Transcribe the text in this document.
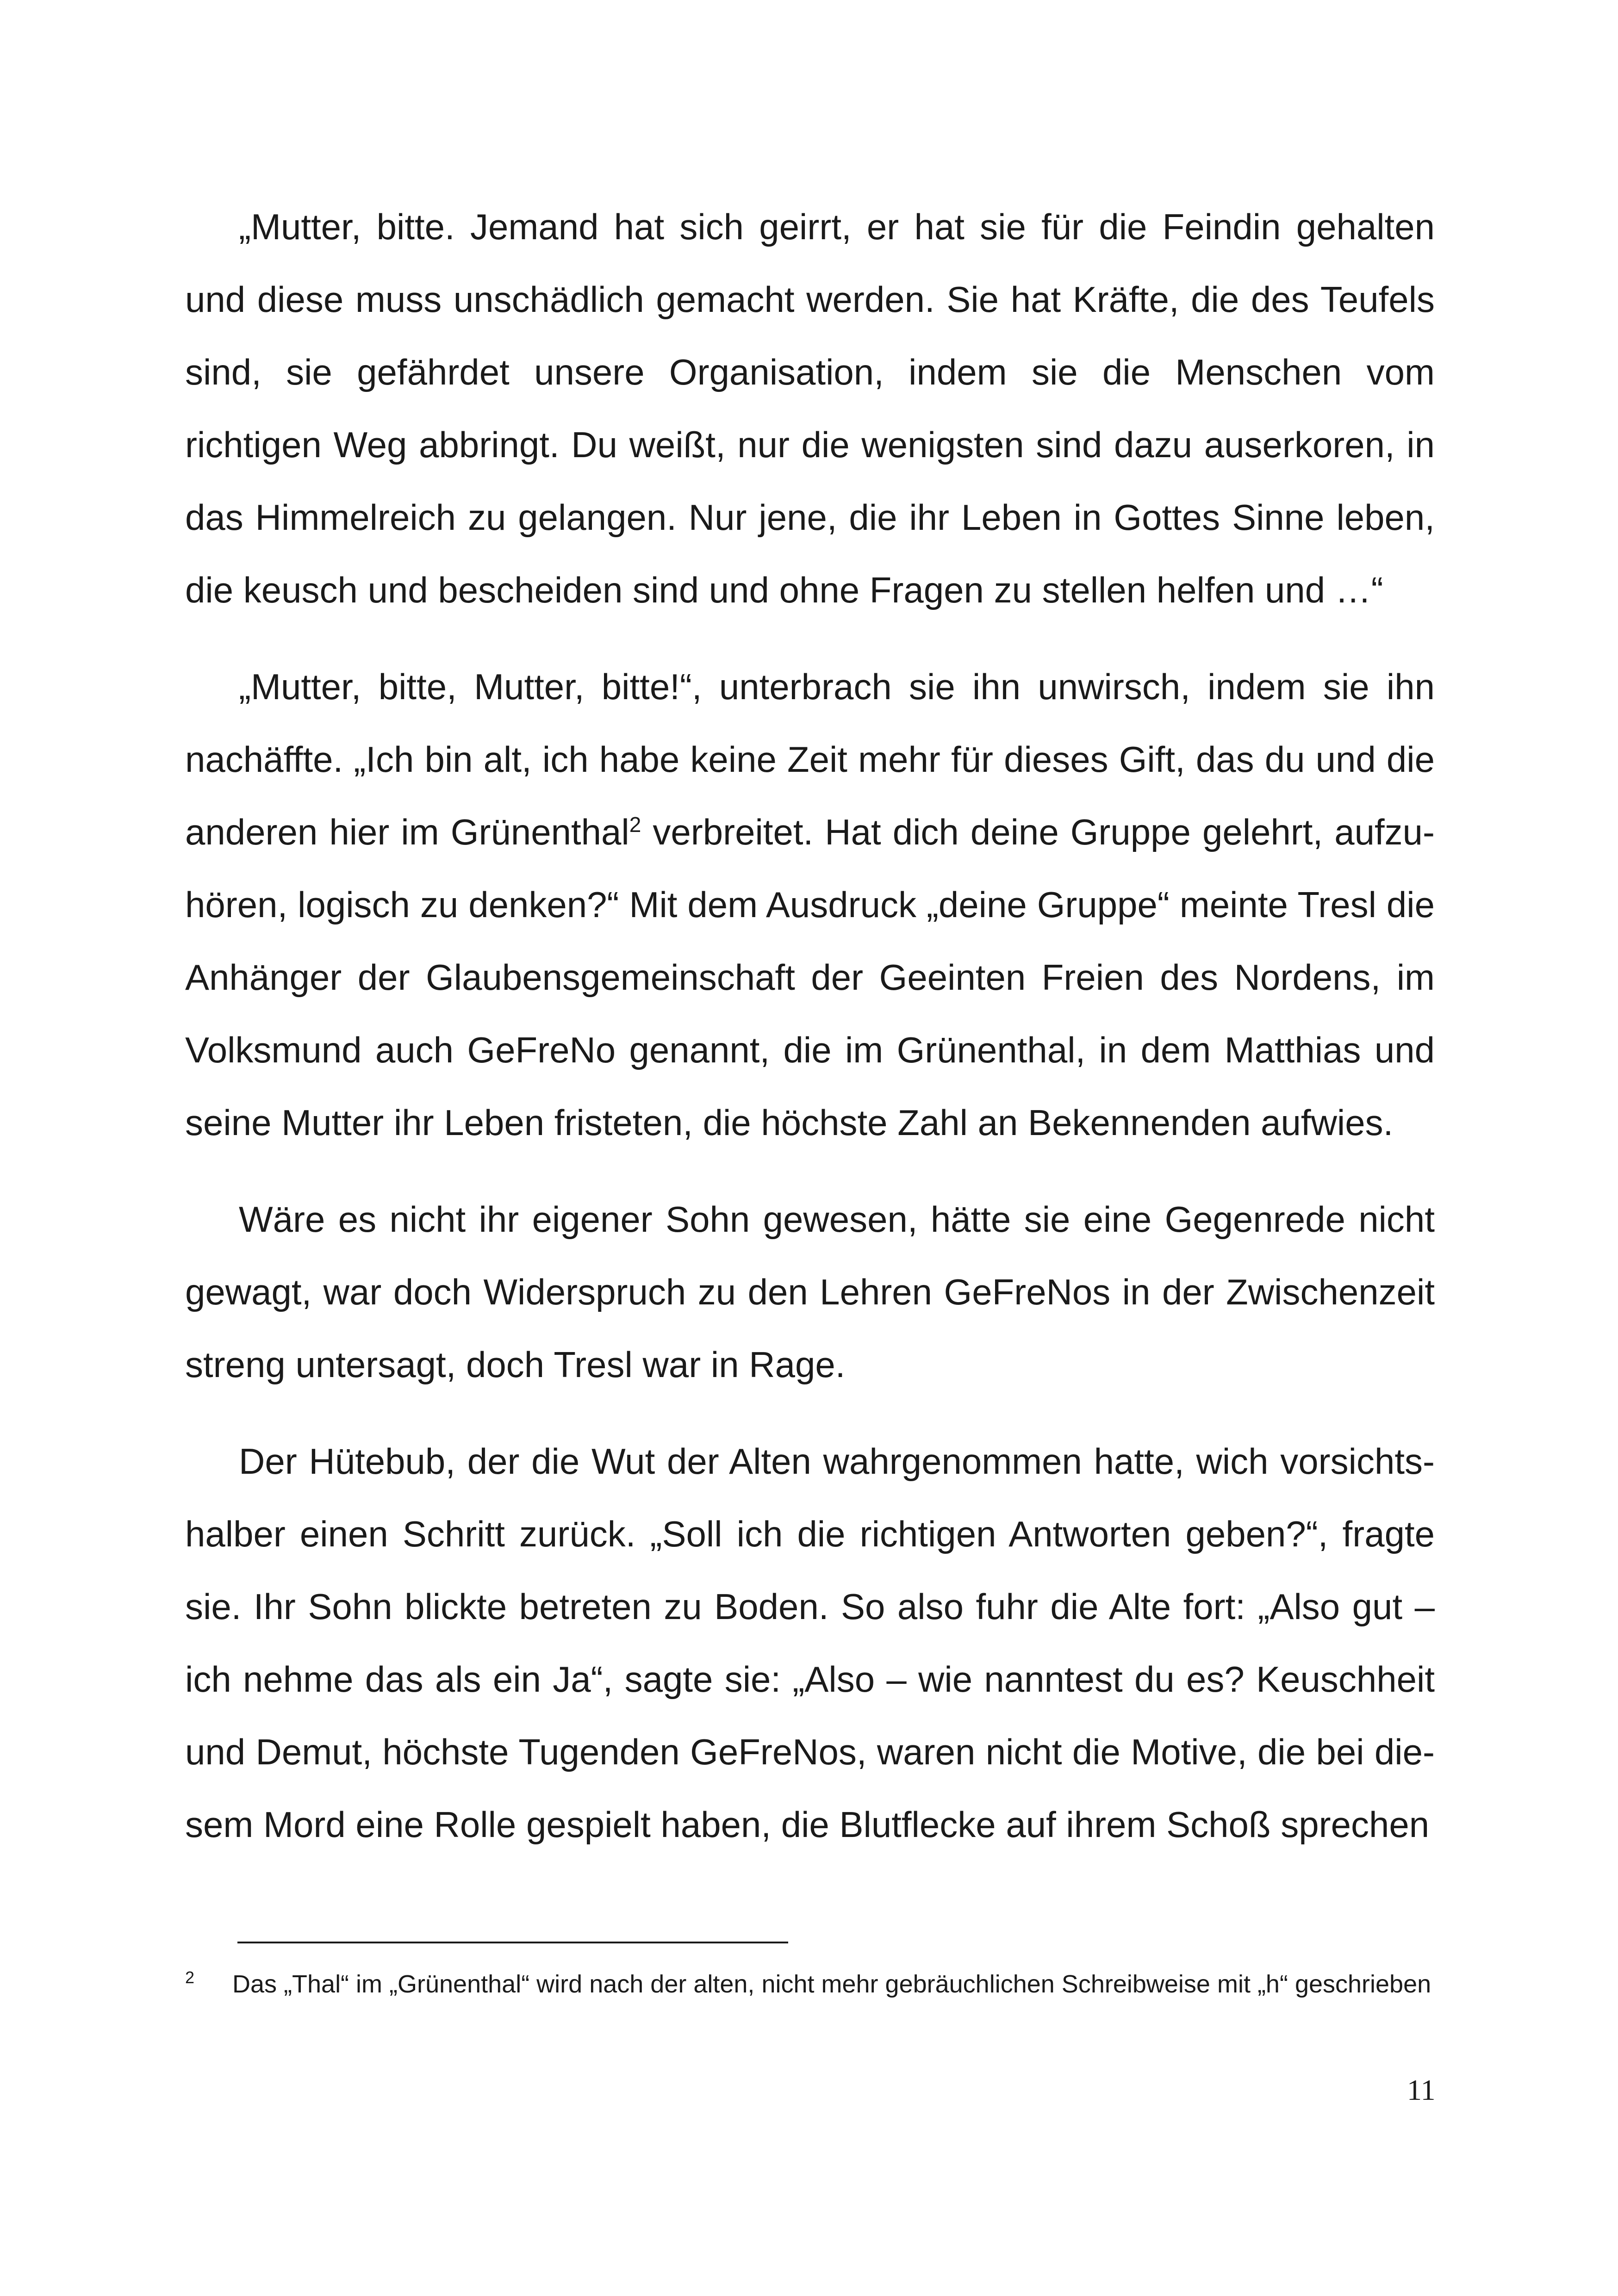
„Mutter, bitte. Jemand hat sich geirrt, er hat sie für die Feindin gehalten und diese muss unschädlich gemacht werden. Sie hat Kräfte, die des Teufels sind, sie gefährdet unsere Organisation, indem sie die Menschen vom richtigen Weg abbringt. Du weißt, nur die wenigsten sind dazu auserkoren, in das Himmelreich zu gelangen. Nur jene, die ihr Leben in Gottes Sinne leben, die keusch und bescheiden sind und ohne Fragen zu stellen helfen und …“

„Mutter, bitte, Mutter, bitte!“, unterbrach sie ihn unwirsch, indem sie ihn nachäffte. „Ich bin alt, ich habe keine Zeit mehr für dieses Gift, das du und die anderen hier im Grünenthal$^2$ verbreitet. Hat dich deine Gruppe gelehrt, aufzuhören, logisch zu denken?“ Mit dem Ausdruck „deine Gruppe“ meinte Tresl die Anhänger der Glaubensgemeinschaft der Geeinten Freien des Nordens, im Volksmund auch GeFreNo genannt, die im Grünenthal, in dem Matthias und seine Mutter ihr Leben fristeten, die höchste Zahl an Bekennenden aufwies.

Wäre es nicht ihr eigener Sohn gewesen, hätte sie eine Gegenrede nicht gewagt, war doch Widerspruch zu den Lehren GeFreNos in der Zwischenzeit streng untersagt, doch Tresl war in Rage.

Der Hütebub, der die Wut der Alten wahrgenommen hatte, wich vorsichtshalber einen Schritt zurück. „Soll ich die richtigen Antworten geben?“, fragte sie. Ihr Sohn blickte betreten zu Boden. So also fuhr die Alte fort: „Also gut – ich nehme das als ein Ja“, sagte sie: „Also – wie nanntest du es? Keuschheit und Demut, höchste Tugenden GeFreNos, waren nicht die Motive, die bei diesem Mord eine Rolle gespielt haben, die Blutflecke auf ihrem Schoß sprechen

2 Das „Thal“ im „Grünenthal“ wird nach der alten, nicht mehr gebräuchlichen Schreibweise mit „h“ geschrieben
11
